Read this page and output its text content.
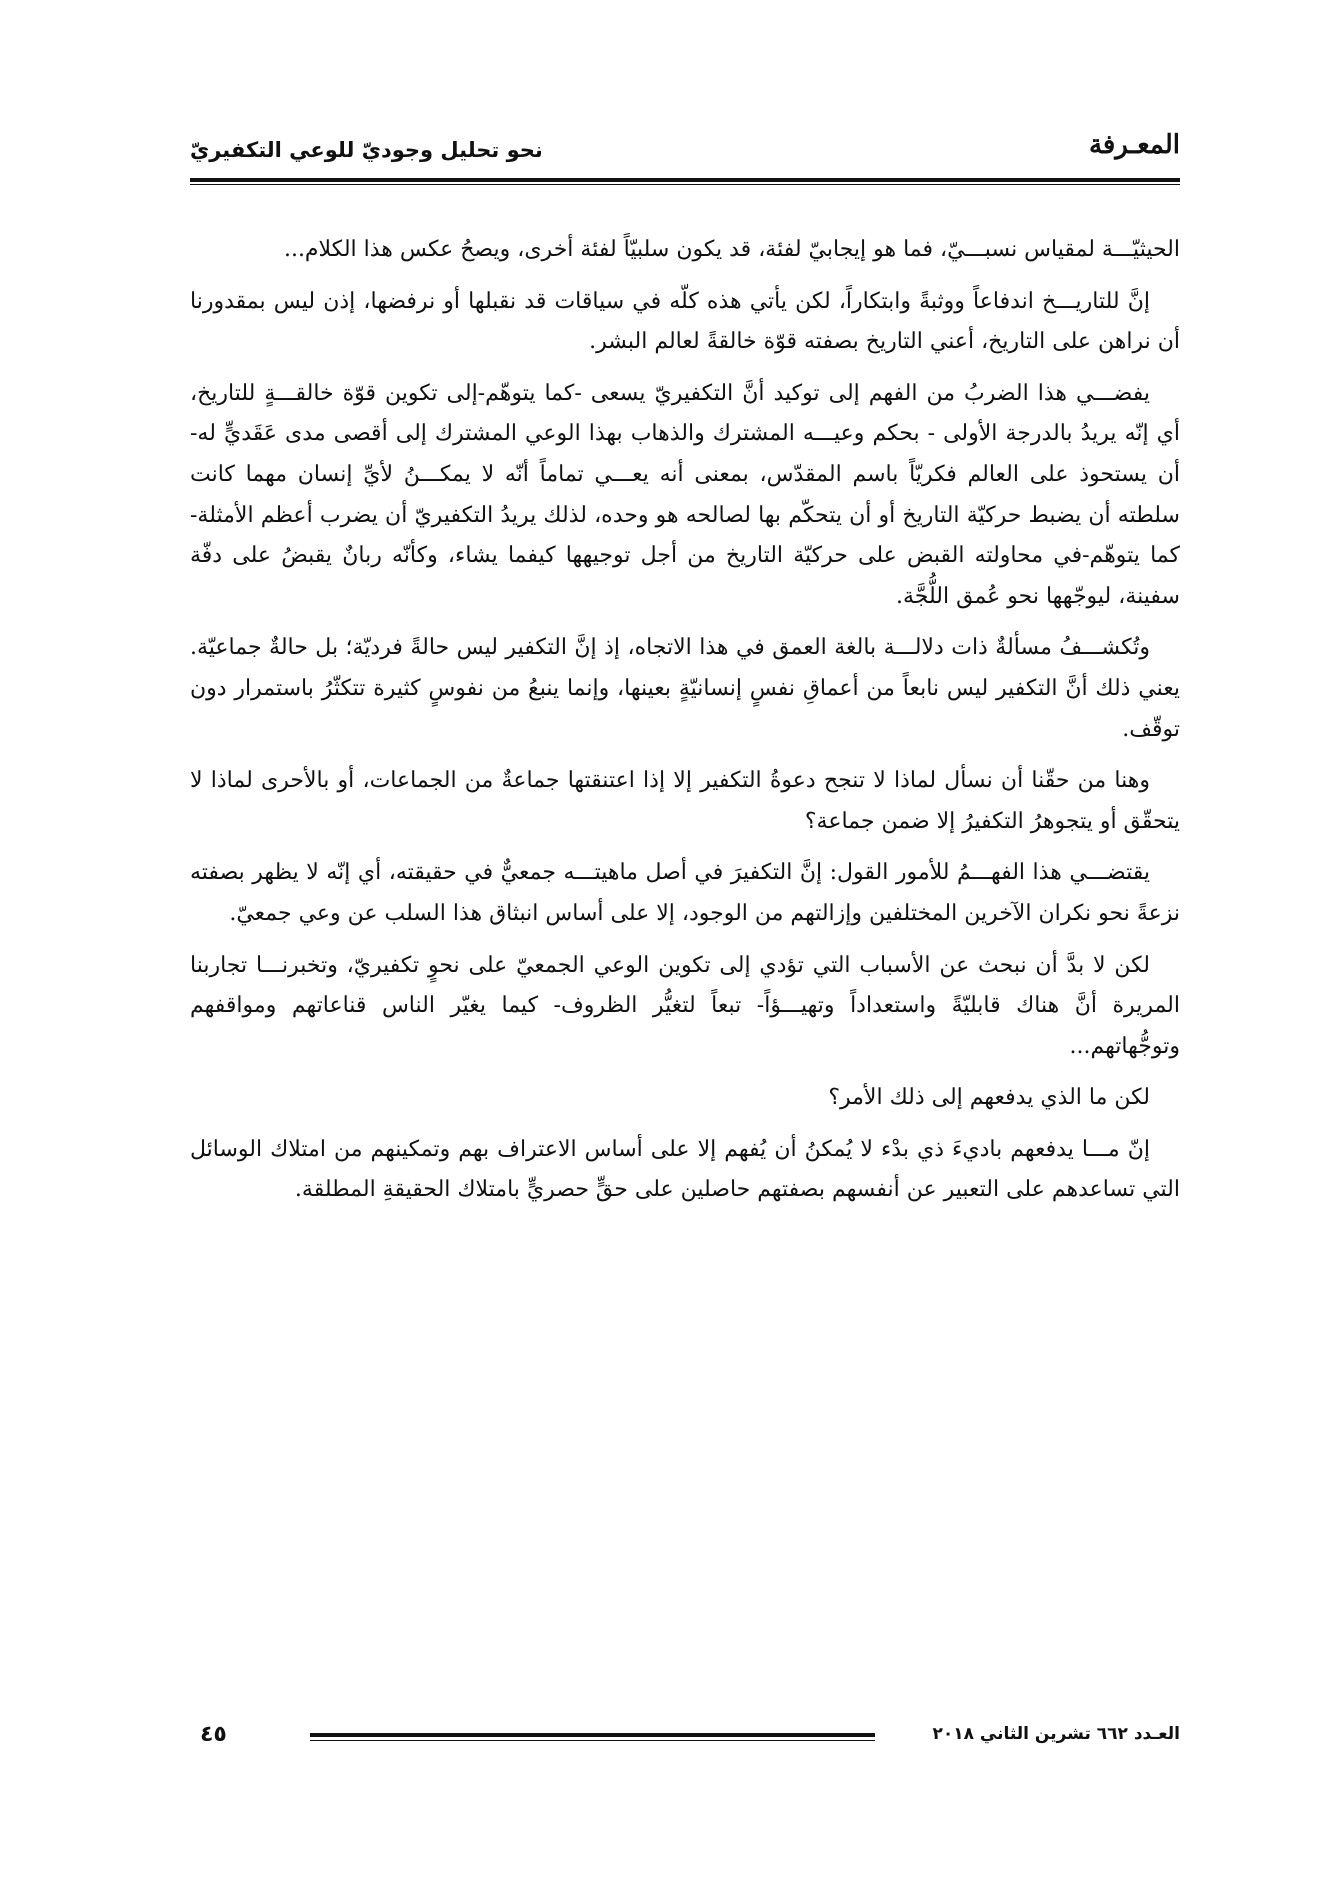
نحو تحليل وجوديّ للوعي التكفيريّ	المعـرفة

الحيثيّـــة لمقياس نسبـــيّ، فما هو إيجابيّ لفئة، قد يكون سلبيّاً لفئة أخرى، ويصحُ عكس هذا الكلام...

إنَّ للتاريـــخ اندفاعاً ووثبةً وابتكاراً، لكن يأتي هذه كلّه في سياقات قد نقبلها أو نرفضها، إذن ليس بمقدورنا أن نراهن على التاريخ، أعني التاريخ بصفته قوّة خالقةً لعالم البشر.

يفضـــي هذا الضربُ من الفهم إلى توكيد أنَّ التكفيريّ يسعى -كما يتوهّم-إلى تكوين قوّة خالقـــةٍ للتاريخ، أي إنّه يريدُ بالدرجة الأولى - بحكم وعيـــه المشترك والذهاب بهذا الوعي المشترك إلى أقصى مدى عَقَديٍّ له- أن يستحوذ على العالم فكريّاً باسم المقدّس، بمعنى أنه يعـــي تماماً أنّه لا يمكـــنُ لأيِّ إنسان مهما كانت سلطته أن يضبط حركيّة التاريخ أو أن يتحكّم بها لصالحه هو وحده، لذلك يريدُ التكفيريّ أن يضرب أعظم الأمثلة-كما يتوهّم-في محاولته القبض على حركيّة التاريخ من أجل توجيهها كيفما يشاء، وكأنّه ربانٌ يقبضُ على دفّة سفينة، ليوجّهها نحو عُمق اللُّجَّة.

وتُكشـــفُ مسألةٌ ذات دلالـــة بالغة العمق في هذا الاتجاه، إذ إنَّ التكفير ليس حالةً فرديّة؛ بل حالةٌ جماعيّة. يعني ذلك أنَّ التكفير ليس نابعاً من أعماقِ نفسٍ إنسانيّةٍ بعينها، وإنما ينبعُ من نفوسٍ كثيرة تتكثّرُ باستمرار دون توقّف.

وهنا من حقّنا أن نسأل لماذا لا تنجح دعوةُ التكفير إلا إذا اعتنقتها جماعةٌ من الجماعات، أو بالأحرى لماذا لا يتحقّق أو يتجوهرُ التكفيرُ إلا ضمن جماعة؟

يقتضـــي هذا الفهـــمُ للأمور القول: إنَّ التكفيرَ في أصل ماهيتـــه جمعيٌّ في حقيقته، أي إنّه لا يظهر بصفته نزعةً نحو نكران الآخرين المختلفين وإزالتهم من الوجود، إلا على أساس انبثاق هذا السلب عن وعي جمعيّ.

لكن لا بدَّ أن نبحث عن الأسباب التي تؤدي إلى تكوين الوعي الجمعيّ على نحوٍ تكفيريّ، وتخبرنـــا تجاربنا المريرة أنَّ هناك قابليّةً واستعداداً وتهيـــؤاً- تبعاً لتغيُّر الظروف- كيما يغيّر الناس قناعاتهم ومواقفهم وتوجُّهاتهم...

لكن ما الذي يدفعهم إلى ذلك الأمر؟

إنّ مـــا يدفعهم باديءَ ذي بدْء لا يُمكنُ أن يُفهم إلا على أساس الاعتراف بهم وتمكينهم من امتلاك الوسائل التي تساعدهم على التعبير عن أنفسهم بصفتهم حاصلين على حقٍّ حصريٍّ بامتلاك الحقيقةِ المطلقة.

٤٥	العـدد ٦٦٢ تشرين الثاني ٢٠١٨
